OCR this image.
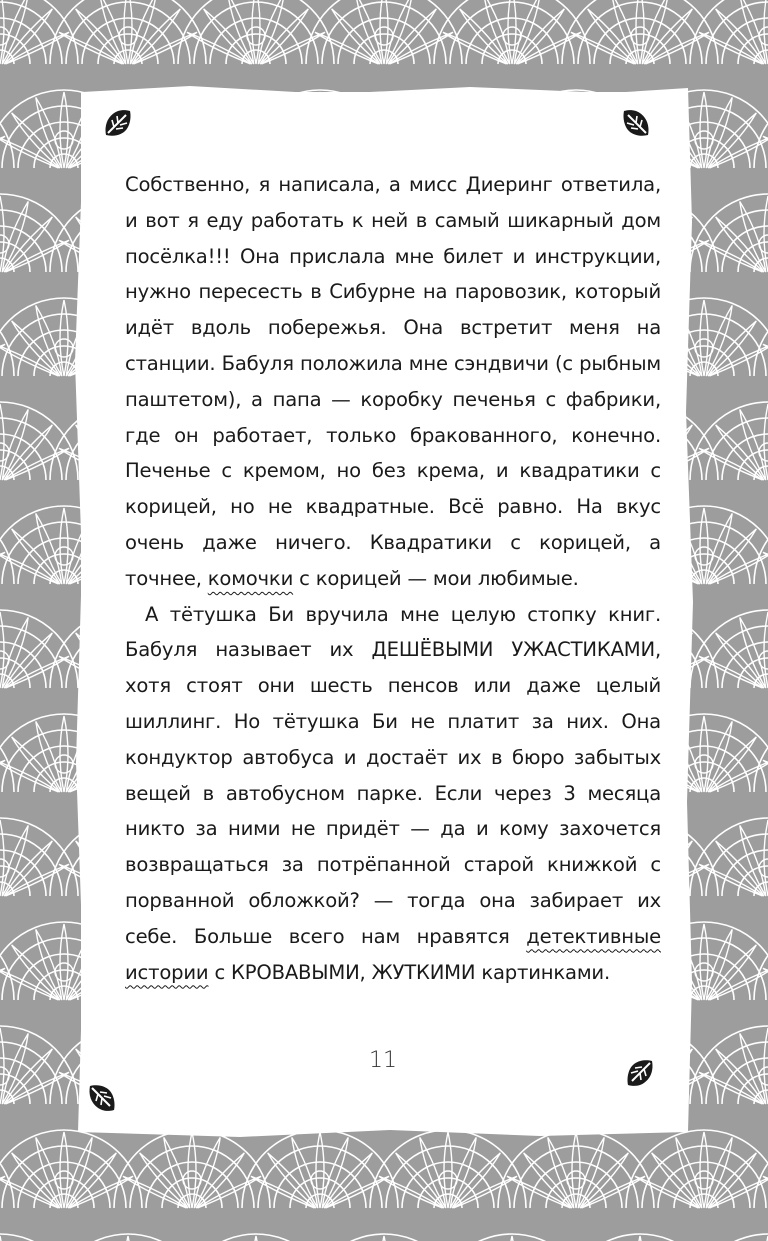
Собственно, я написала, а мисс Диеринг ответила, и вот я еду работать к ней в самый шикарный дом посёлка!!! Она прислала мне билет и инструкции, нужно пересесть в Сибурне на паровозик, который идёт вдоль побережья. Она встретит меня на станции. Бабуля положила мне сэндвичи (с рыбным паштетом), а папа — коробку печенья с фабрики, где он работает, только бракованного, конечно. Печенье с кремом, но без крема, и квадратики с корицей, но не квадратные. Всё равно. На вкус очень даже ничего. Квадратики с корицей, а точнее, комочки с корицей — мои любимые.

А тётушка Би вручила мне целую стопку книг. Бабуля называет их ДЕШЁВЫМИ УЖАСТИКАМИ, хотя стоят они шесть пенсов или даже целый шиллинг. Но тётушка Би не платит за них. Она кондуктор автобуса и достаёт их в бюро забытых вещей в автобусном парке. Если через 3 месяца никто за ними не придёт — да и кому захочется возвращаться за потрёпанной старой книжкой с порванной обложкой? — тогда она забирает их себе. Больше всего нам нравятся детективные истории с КРОВАВЫМИ, ЖУТКИМИ картинками.

11
